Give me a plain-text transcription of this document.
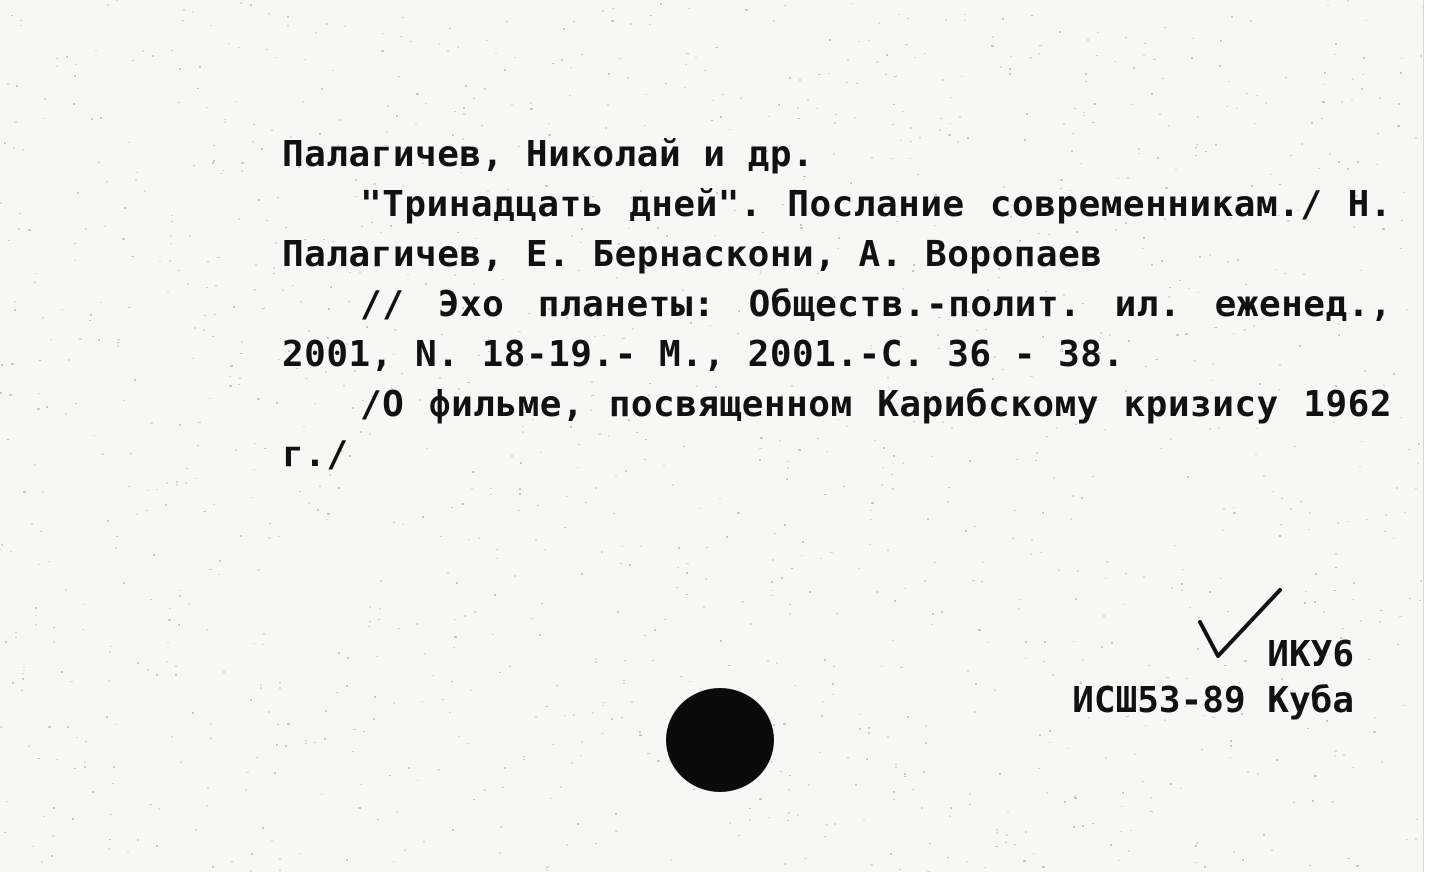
Палагичев, Николай и др.

"Тринадцать дней". Послание современникам./ Н. Палагичев, Е. Бернаскони, А. Воропаев

// Эхо планеты: Обществ.-полит. ил. еженед., 2001, N. 18-19.- М., 2001.-С. 36 - 38.

/О фильме, посвященном Карибскому кризису 1962 г./

ИКУ6
ИСШ53-89 Куба
